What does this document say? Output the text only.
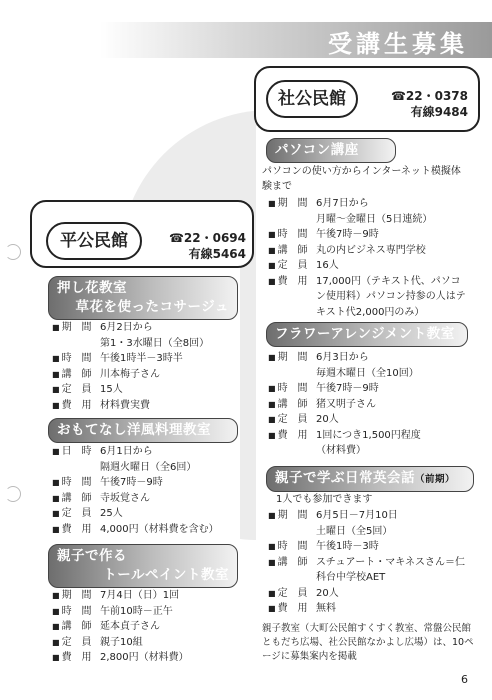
受講生募集
社公民館	☎22・0378
有線9484
パソコン講座
パソコンの使い方からインターネット模擬体験まで
■ 期　間 6月7日から
月曜～金曜日（5日連続）
■ 時　間 午後7時－9時
■ 講　師 丸の内ビジネス専門学校
■ 定　員 16人
■ 費　用 17,000円（テキスト代、パソコン使用料）パソコン持参の人はテキスト代2,000円のみ）
フラワーアレンジメント教室
■ 期　間 6月3日から
毎週木曜日（全10回）
■ 時　間 午後7時－9時
■ 講　師 猪又明子さん
■ 定　員 20人
■ 費　用 1回につき1,500円程度
（材料費）
親子で学ぶ日常英会話（前期）
1人でも参加できます
■ 期　間 6月5日－7月10日
土曜日（全5回）
■ 時　間 午後1時－3時
■ 講　師 スチュアート・マキネスさん＝仁科台中学校AET
■ 定　員 20人
■ 費　用 無料
親子教室（大町公民館すくすく教室、常盤公民館ともだち広場、社公民館なかよし広場）は、10ページに募集案内を掲載
平公民館	☎22・0694
有線5464
押し花教室
草花を使ったコサージュ
■ 期　間 6月2日から
第1・3水曜日（全8回）
■ 時　間 午後1時半－3時半
■ 講　師 川本梅子さん
■ 定　員 15人
■ 費　用 材料費実費
おもてなし洋風料理教室
■ 日　時 6月1日から
隔週火曜日（全6回）
■ 時　間 午後7時－9時
■ 講　師 寺坂覚さん
■ 定　員 25人
■ 費　用 4,000円（材料費を含む）
親子で作る
トールペイント教室
■ 期　間 7月4日（日）1回
■ 時　間 午前10時－正午
■ 講　師 延本貞子さん
■ 定　員 親子10組
■ 費　用 2,800円（材料費）
6
